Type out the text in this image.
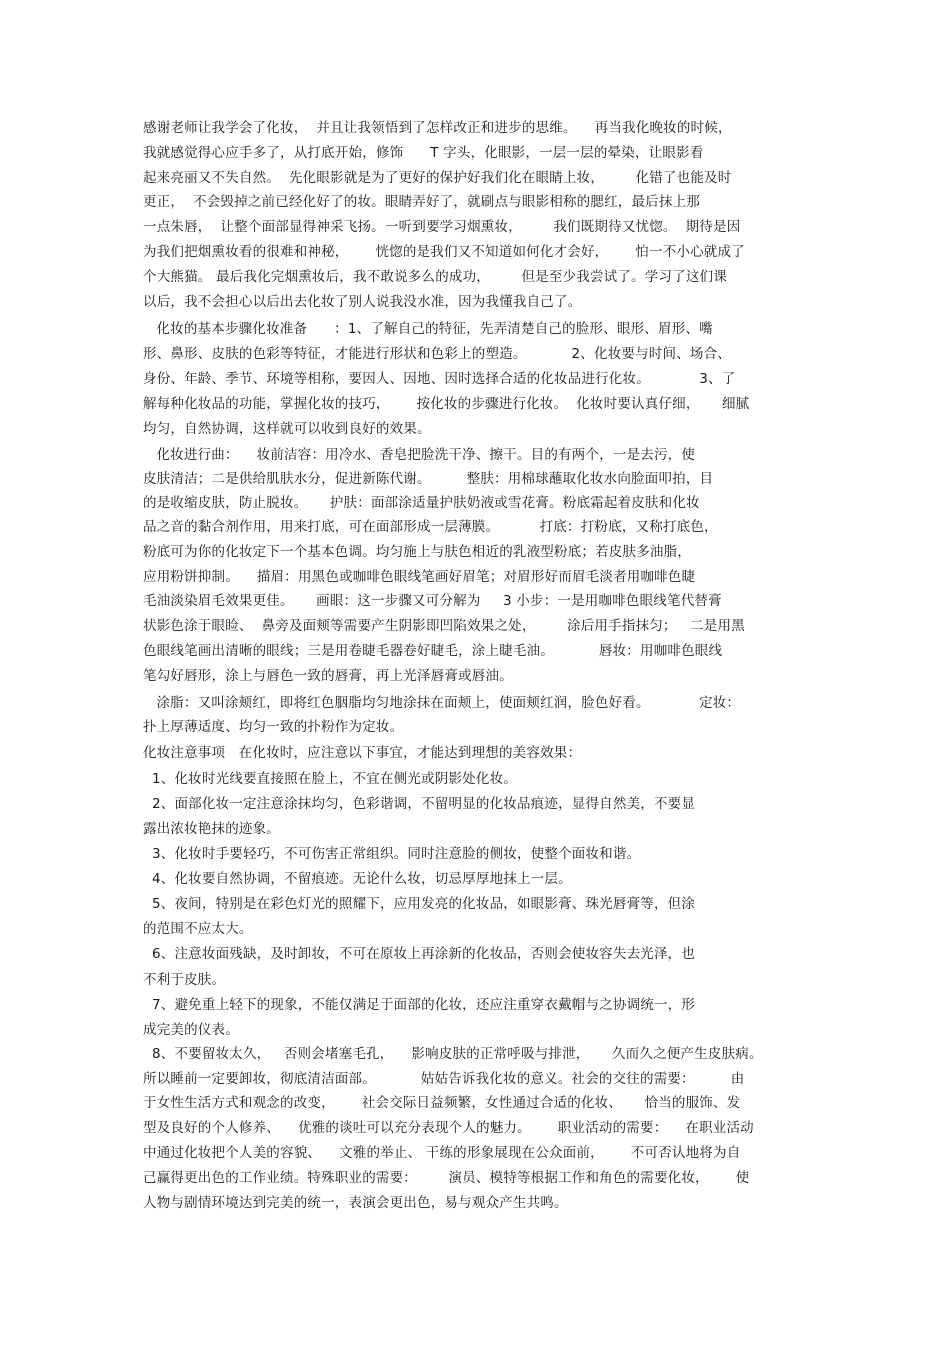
感谢老师让我学会了化妆，  并且让我领悟到了怎样改正和进步的思维。    再当我化晚妆的时候，
我就感觉得心应手多了，从打底开始，修饰      T 字头，化眼影，一层一层的晕染，让眼影看
起来亮丽又不失自然。  先化眼影就是为了更好的保护好我们化在眼睛上妆，       化错了也能及时
更正，  不会毁掉之前已经化好了的妆。眼睛弄好了，就刷点与眼影相称的腮红，最后抹上那
一点朱唇，  让整个面部显得神采飞扬。一听到要学习烟熏妆，       我们既期待又忧惚。  期待是因
为我们把烟熏妆看的很难和神秘，      恍惚的是我们又不知道如何化才会好，      怕一不小心就成了
个大熊猫。 最后我化完烟熏妆后，我不敢说多么的成功，       但是至少我尝试了。学习了这们课
以后，我不会担心以后出去化妆了别人说我没水准，因为我懂我自己了。
化妆的基本步骤化妆准备      ：1、了解自己的特征，先弄清楚自己的脸形、眼形、眉形、嘴
形、鼻形、皮肤的色彩等特征，才能进行形状和色彩上的塑造。          2、化妆要与时间、场合、
身份、年龄、季节、环境等相称，要因人、因地、因时选择合适的化妆品进行化妆。           3、了
解每种化妆品的功能，掌握化妆的技巧，      按化妆的步骤进行化妆。  化妆时要认真仔细，     细腻
均匀，自然协调，这样就可以收到良好的效果。
化妆进行曲：    妆前洁容：用冷水、香皂把脸洗干净、擦干。目的有两个，一是去污，使
皮肤清洁；二是供给肌肤水分，促进新陈代谢。        整肤：用棉球蘸取化妆水向脸面叩拍，目
的是收缩皮肤，防止脱妆。     护肤：面部涂适量护肤奶液或雪花膏。粉底霜起着皮肤和化妆
品之音的黏合剂作用，用来打底，可在面部形成一层薄膜。         打底：打粉底，又称打底色，
粉底可为你的化妆定下一个基本色调。均匀施上与肤色相近的乳液型粉底；若皮肤多油脂，
应用粉饼抑制。    描眉：用黑色或咖啡色眼线笔画好眉笔；对眉形好而眉毛淡者用咖啡色睫
毛油淡染眉毛效果更佳。     画眼：这一步骤又可分解为     3 小步：一是用咖啡色眼线笔代替膏
状影色涂于眼睑、  鼻旁及面颊等需要产生阴影即凹陷效果之处，       涂后用手指抹匀；   二是用黑
色眼线笔画出清晰的眼线；三是用卷睫毛器卷好睫毛，涂上睫毛油。          唇妆：用咖啡色眼线
笔勾好唇形，涂上与唇色一致的唇膏，再上光泽唇膏或唇油。
涂脂：又叫涂颊红，即将红色胭脂均匀地涂抹在面颊上，使面颊红润，脸色好看。           定妆：
扑上厚薄适度、均匀一致的扑粉作为定妆。
化妆注意事项   在化妆时，应注意以下事宜，才能达到理想的美容效果：
1、化妆时光线要直接照在脸上，不宜在侧光或阴影处化妆。
2、面部化妆一定注意涂抹均匀，色彩谐调，不留明显的化妆品痕迹，显得自然美，不要显
露出浓妆艳抹的迹象。
3、化妆时手要轻巧，不可伤害正常组织。同时注意脸的侧妆，使整个面妆和谐。
4、化妆要自然协调，不留痕迹。无论什么妆，切忌厚厚地抹上一层。
5、夜间，特别是在彩色灯光的照耀下，应用发亮的化妆品，如眼影膏、珠光唇膏等，但涂
的范围不应太大。
6、注意妆面残缺，及时卸妆，不可在原妆上再涂新的化妆品，否则会使妆容失去光泽，也
不利于皮肤。
7、避免重上轻下的现象，不能仅满足于面部的化妆，还应注重穿衣戴帽与之协调统一，形
成完美的仪表。
8、不要留妆太久，   否则会堵塞毛孔，    影响皮肤的正常呼吸与排泄，     久而久之便产生皮肤病。
所以睡前一定要卸妆，彻底清洁面部。          姑姑告诉我化妆的意义。社会的交往的需要：        由
于女性生活方式和观念的改变，      社会交际日益频繁，女性通过合适的化妆、     恰当的服饰、发
型及良好的个人修养、    优雅的谈吐可以充分表现个人的魅力。      职业活动的需要：    在职业活动
中通过化妆把个人美的容貌、    文雅的举止、 干练的形象展现在公众面前，      不可否认地将为自
己赢得更出色的工作业绩。特殊职业的需要：       演员、模特等根据工作和角色的需要化妆，      使
人物与剧情环境达到完美的统一，表演会更出色，易与观众产生共鸣。
